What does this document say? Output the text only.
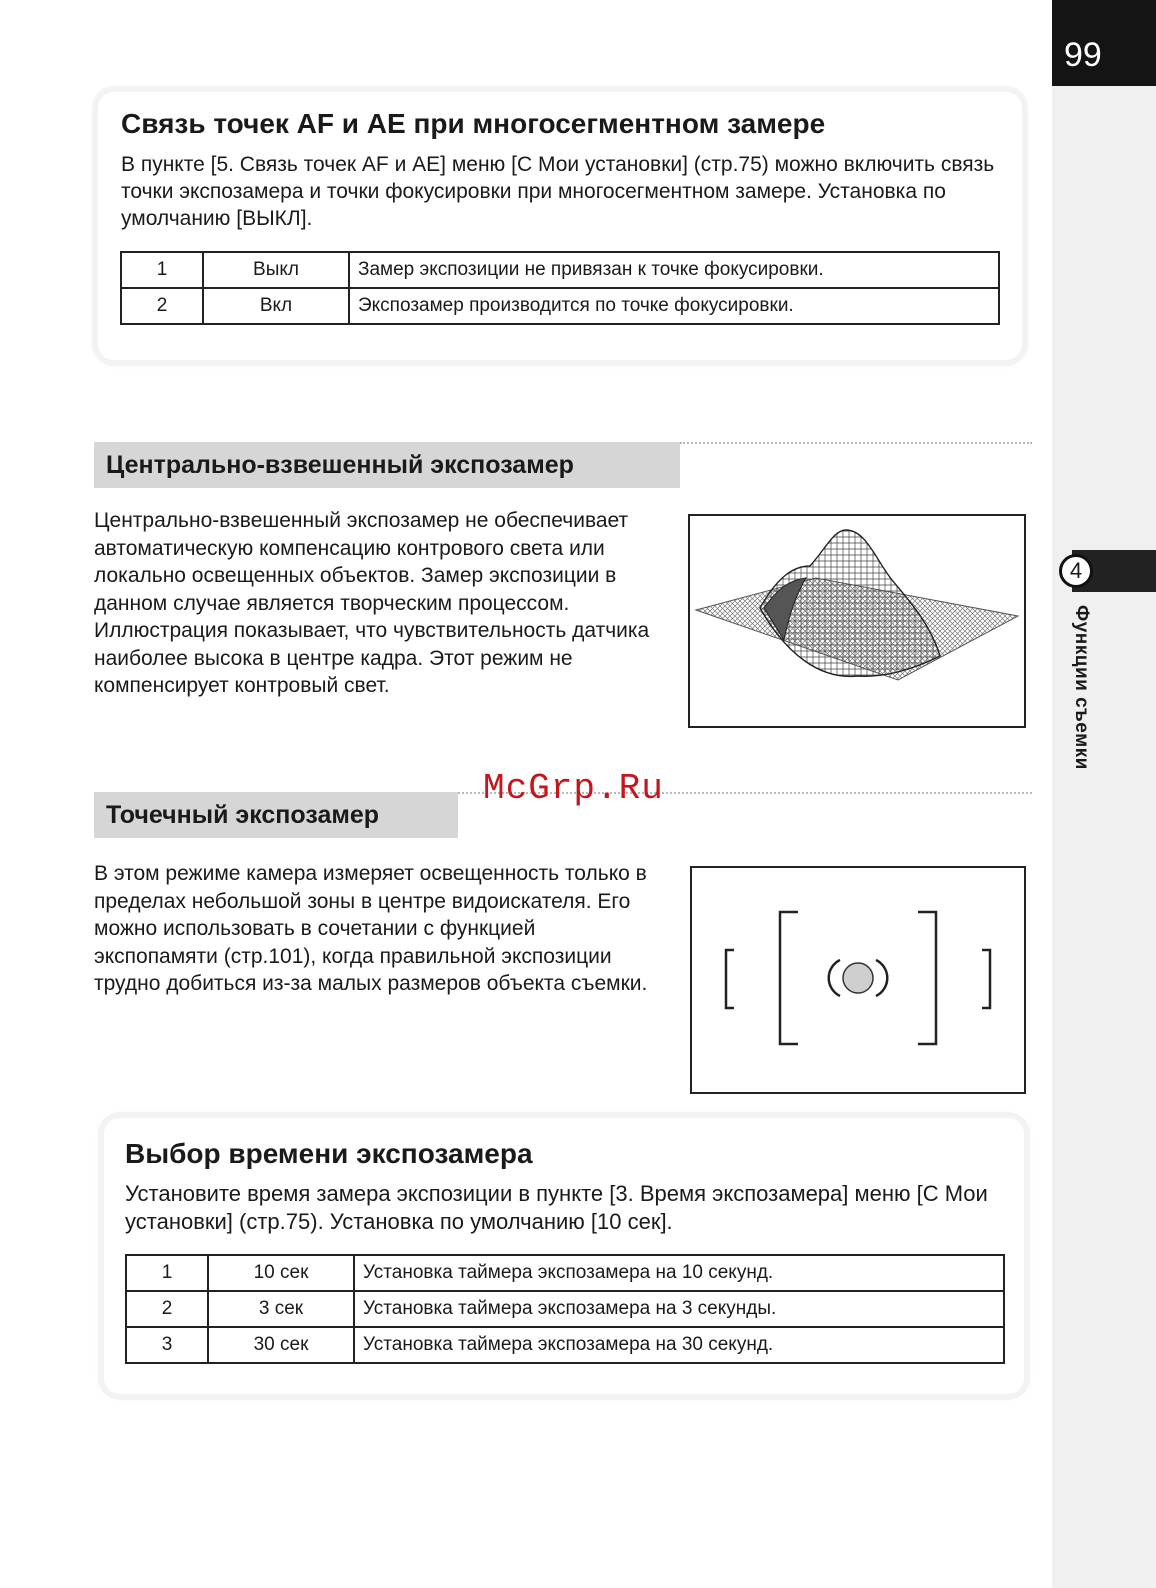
99
4
Функции съемки
Связь точек AF и AE при многосегментном замере
В пункте [5. Связь точек AF и AE] меню [C Мои установки] (стр.75) можно включить связь точки экспозамера и точки фокусировки при многосегментном замере. Установка по умолчанию [ВЫКЛ].
1	Выкл	Замер экспозиции не привязан к точке фокусировки.
2	Вкл	Экспозамер производится по точке фокусировки.
Центрально-взвешенный экспозамер
Центрально-взвешенный экспозамер не обеспечивает автоматическую компенсацию контрового света или локально освещенных объектов. Замер экспозиции в данном случае является творческим процессом. Иллюстрация показывает, что чувствительность датчика наиболее высока в центре кадра. Этот режим не компенсирует контровый свет.
Точечный экспозамер
В этом режиме камера измеряет освещенность только в пределах небольшой зоны в центре видоискателя. Его можно использовать в сочетании с функцией экспопамяти (стр.101), когда правильной экспозиции трудно добиться из-за малых размеров объекта съемки.
McGrp.Ru
Выбор времени экспозамера
Установите время замера экспозиции в пункте [3. Время экспозамера] меню [C Мои установки] (стр.75). Установка по умолчанию [10 сек].
1	10 сек	Установка таймера экспозамера на 10 секунд.
2	3 сек	Установка таймера экспозамера на 3 секунды.
3	30 сек	Установка таймера экспозамера на 30 секунд.
